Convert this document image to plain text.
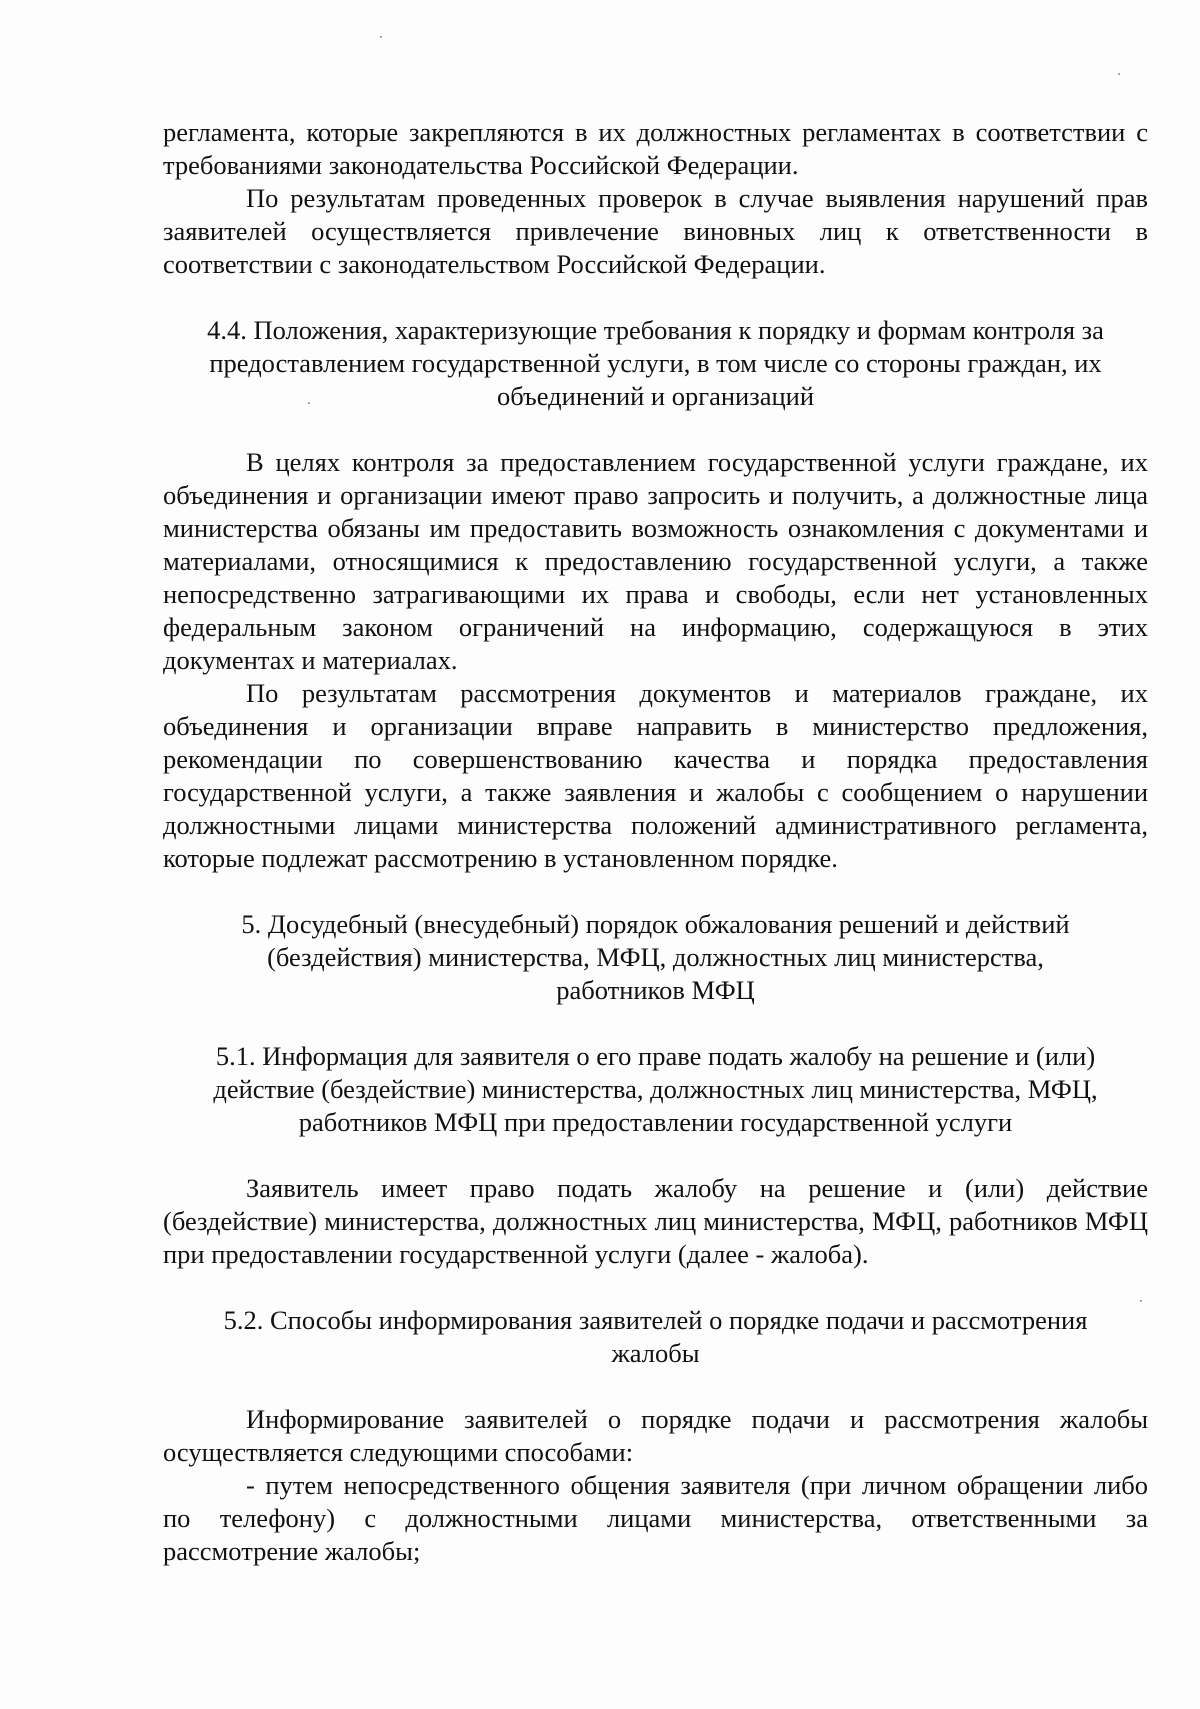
регламента, которые закрепляются в их должностных регламентах в соответствии с требованиями законодательства Российской Федерации.

По результатам проведенных проверок в случае выявления нарушений прав заявителей осуществляется привлечение виновных лиц к ответственности в соответствии с законодательством Российской Федерации.

4.4. Положения, характеризующие требования к порядку и формам контроля за предоставлением государственной услуги, в том числе со стороны граждан, их объединений и организаций

В целях контроля за предоставлением государственной услуги граждане, их объединения и организации имеют право запросить и получить, а должностные лица министерства обязаны им предоставить возможность ознакомления с документами и материалами, относящимися к предоставлению государственной услуги, а также непосредственно затрагивающими их права и свободы, если нет установленных федеральным законом ограничений на информацию, содержащуюся в этих документах и материалах.

По результатам рассмотрения документов и материалов граждане, их объединения и организации вправе направить в министерство предложения, рекомендации по совершенствованию качества и порядка предоставления государственной услуги, а также заявления и жалобы с сообщением о нарушении должностными лицами министерства положений административного регламента, которые подлежат рассмотрению в установленном порядке.

5. Досудебный (внесудебный) порядок обжалования решений и действий (бездействия) министерства, МФЦ, должностных лиц министерства, работников МФЦ

5.1. Информация для заявителя о его праве подать жалобу на решение и (или) действие (бездействие) министерства, должностных лиц министерства, МФЦ, работников МФЦ при предоставлении государственной услуги

Заявитель имеет право подать жалобу на решение и (или) действие (бездействие) министерства, должностных лиц министерства, МФЦ, работников МФЦ при предоставлении государственной услуги (далее - жалоба).

5.2. Способы информирования заявителей о порядке подачи и рассмотрения жалобы

Информирование заявителей о порядке подачи и рассмотрения жалобы осуществляется следующими способами:

- путем непосредственного общения заявителя (при личном обращении либо по телефону) с должностными лицами министерства, ответственными за рассмотрение жалобы;
